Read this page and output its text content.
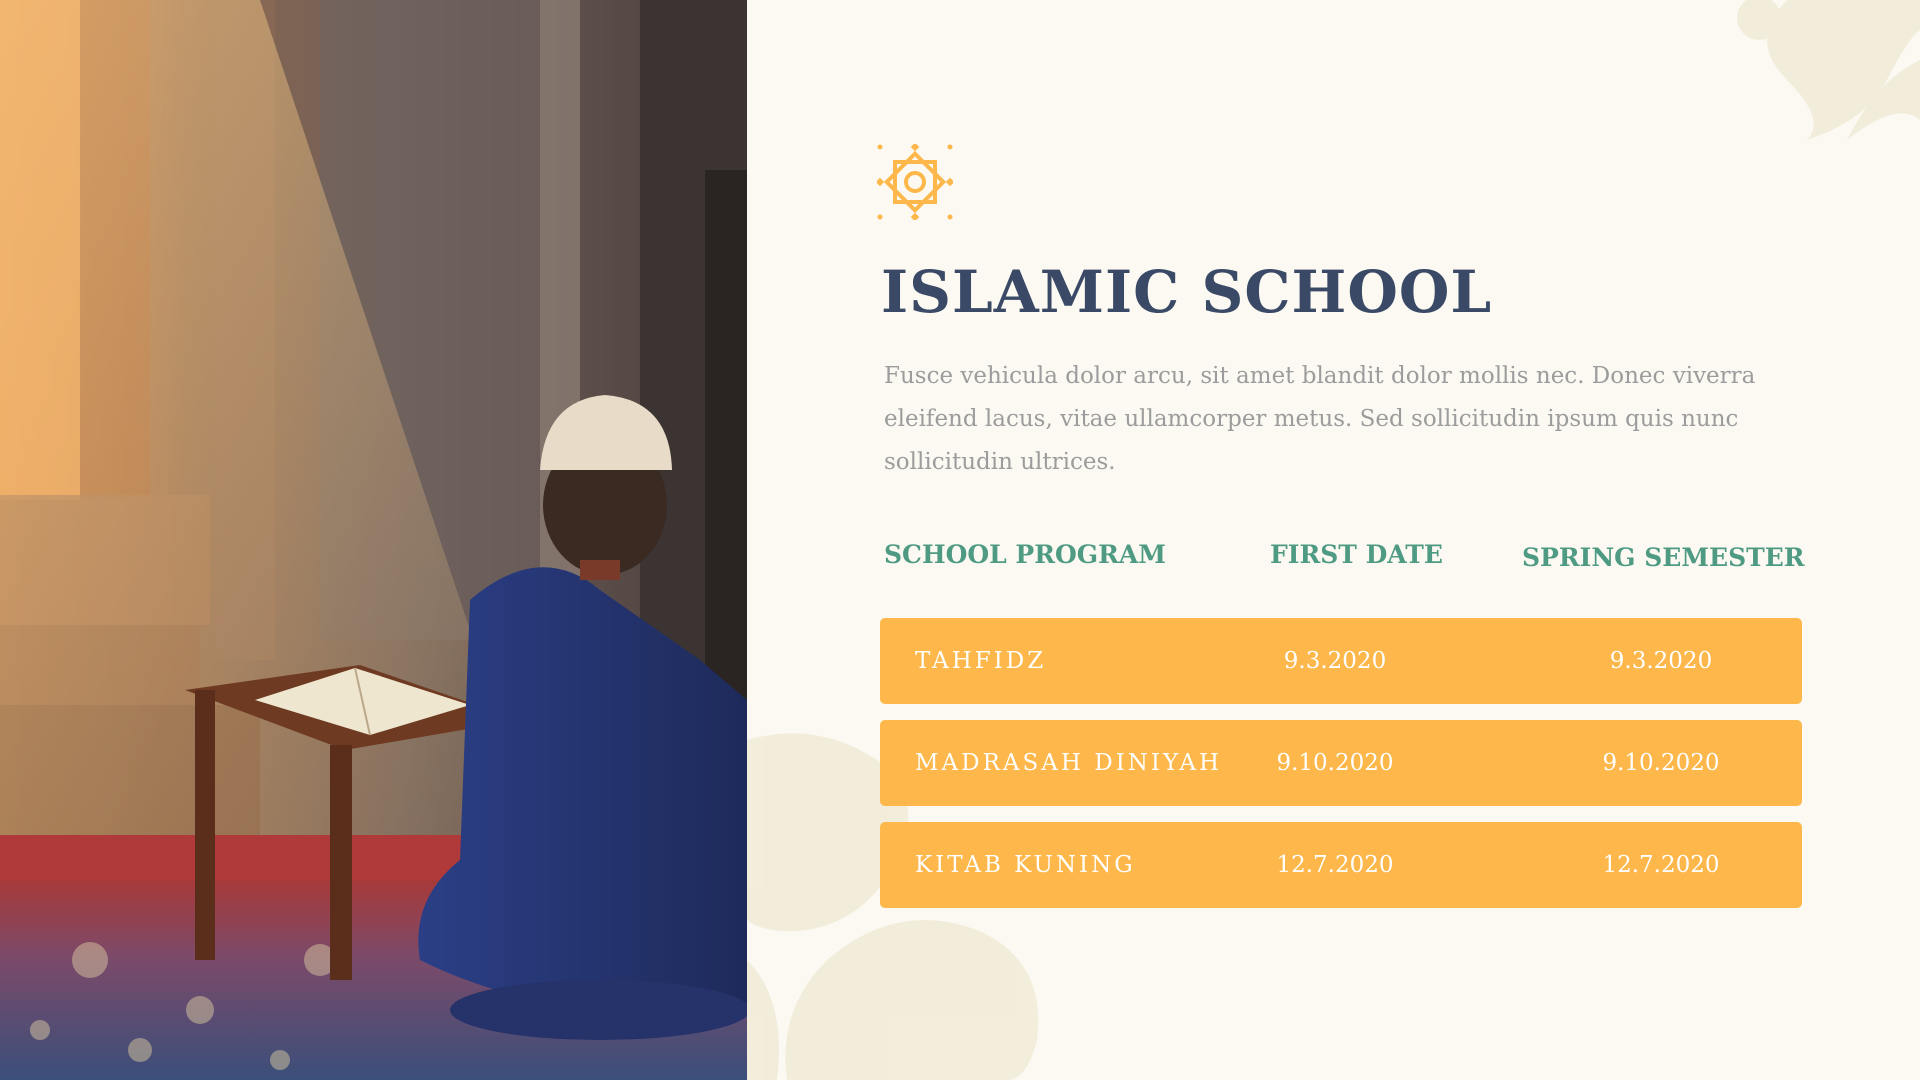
ISLAMIC SCHOOL

Fusce vehicula dolor arcu, sit amet blandit dolor mollis nec. Donec viverra eleifend lacus, vitae ullamcorper metus. Sed sollicitudin ipsum quis nunc sollicitudin ultrices.

SCHOOL PROGRAM	FIRST DATE	SPRING SEMESTER
TAHFIDZ	9.3.2020	9.3.2020
MADRASAH DINIYAH	9.10.2020	9.10.2020
KITAB KUNING	12.7.2020	12.7.2020
